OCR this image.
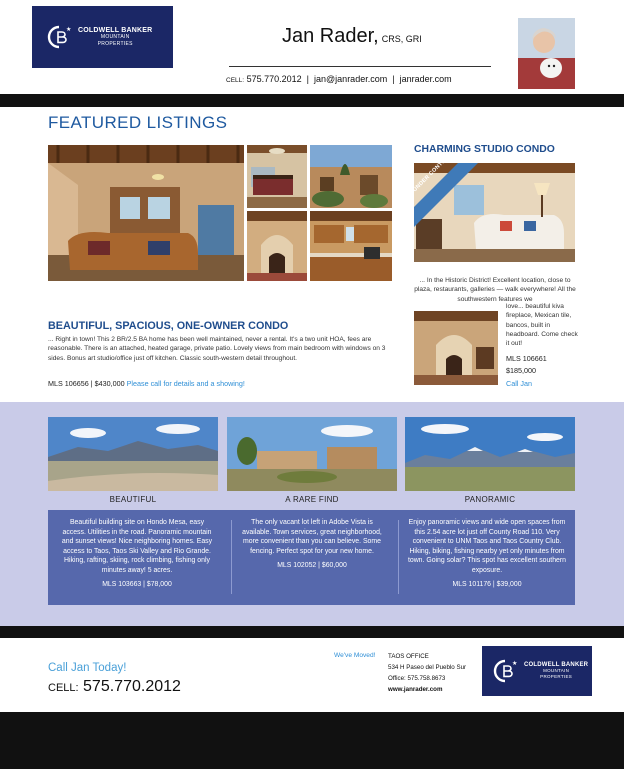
★ COLDWELL BANKER
MOUNTAIN
PROPERTIES	Jan Rader, CRS, GRI
CELL: 575.770.2012 | jan@janrader.com | janrader.com
FEATURED LISTINGS
BEAUTIFUL, SPACIOUS, ONE-OWNER CONDO
... Right in town! This 2 BR/2.5 BA home has been well maintained, never a rental. It's a two unit HOA, fees are reasonable. There is an attached, heated garage, private patio. Lovely views from main bedroom with windows on 3 sides. Bonus art studio/office just off kitchen. Classic south-western detail throughout.
MLS 106656 | $430,000 Please call for details and a showing!
CHARMING STUDIO CONDO
... In the Historic District! Excellent location, close to plaza, restaurants, galleries — walk everywhere! All the southwestern features we
love... beautiful kiva fireplace, Mexican tile, bancos, built in headboard. Come check it out!
MLS 106661
$185,000
Call Jan
BEAUTIFUL	A RARE FIND	PANORAMIC
Beautiful building site on Hondo Mesa, easy access. Utilities in the road. Panoramic mountain and sunset views! Nice neighboring homes. Easy access to Taos, Taos Ski Valley and Rio Grande. Hiking, rafting, skiing, rock climbing, fishing only minutes away! 5 acres.
MLS 103663 | $78,000
The only vacant lot left in Adobe Vista is available. Town services, great neighborhood, more convenient than you can believe. Some fencing. Perfect spot for your new home.
MLS 102052 | $60,000
Enjoy panoramic views and wide open spaces from this 2.54 acre lot just off County Road 110. Very convenient to UNM Taos and Taos Country Club. Hiking, biking, fishing nearby yet only minutes from town. Going solar? This spot has excellent southern exposure.
MLS 101176 | $39,000
Call Jan Today!
CELL: 575.770.2012
We've Moved! TAOS OFFICE
534 H Paseo del Pueblo Sur
Office: 575.758.8673
www.janrader.com
★ COLDWELL BANKER
MOUNTAIN
PROPERTIES
